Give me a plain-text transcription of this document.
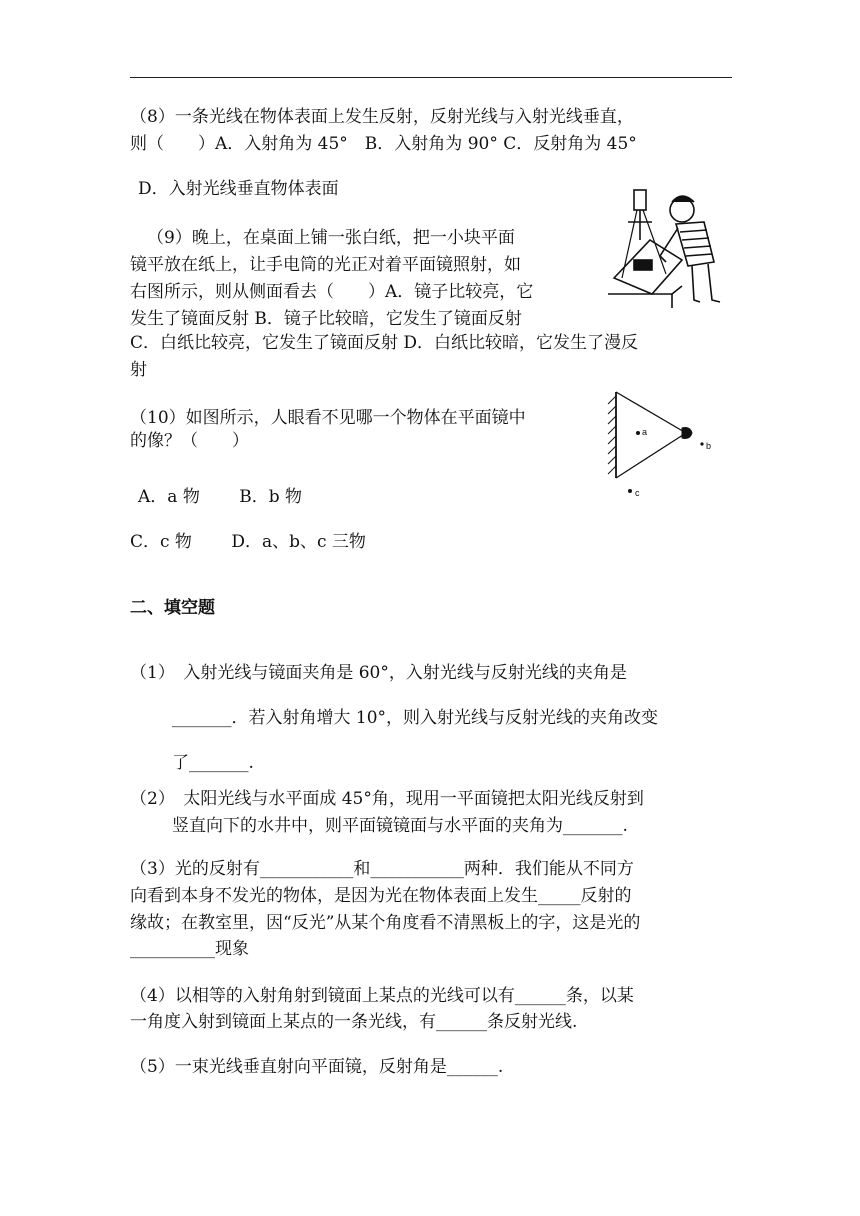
（8）一条光线在物体表面上发生反射，反射光线与入射光线垂直，
则（　　）A．入射角为 45°　B．入射角为 90° C．反射角为 45°
D．入射光线垂直物体表面
（9）晚上，在桌面上铺一张白纸，把一小块平面
镜平放在纸上，让手电筒的光正对着平面镜照射，如
右图所示，则从侧面看去（　　）A．镜子比较亮，它
发生了镜面反射 B．镜子比较暗，它发生了镜面反射
C．白纸比较亮，它发生了镜面反射 D．白纸比较暗，它发生了漫反
射
（10）如图所示，人眼看不见哪一个物体在平面镜中
的像？（　　）
A．a 物　　 B．b 物
C．c 物　　 D．a、b、c 三物
a
b
c
二、填空题
（1）　入射光线与镜面夹角是 60°，入射光线与反射光线的夹角是
_______．若入射角增大 10°，则入射光线与反射光线的夹角改变
了_______.
（2）　太阳光线与水平面成 45°角，现用一平面镜把太阳光线反射到
竖直向下的水井中，则平面镜镜面与水平面的夹角为_______.
（3）光的反射有___________和___________两种．我们能从不同方
向看到本身不发光的物体，是因为光在物体表面上发生_____反射的
缘故；在教室里，因“反光”从某个角度看不清黑板上的字，这是光的
__________现象
（4）以相等的入射角射到镜面上某点的光线可以有______条，以某
一角度入射到镜面上某点的一条光线，有______条反射光线.
（5）一束光线垂直射向平面镜，反射角是______.
